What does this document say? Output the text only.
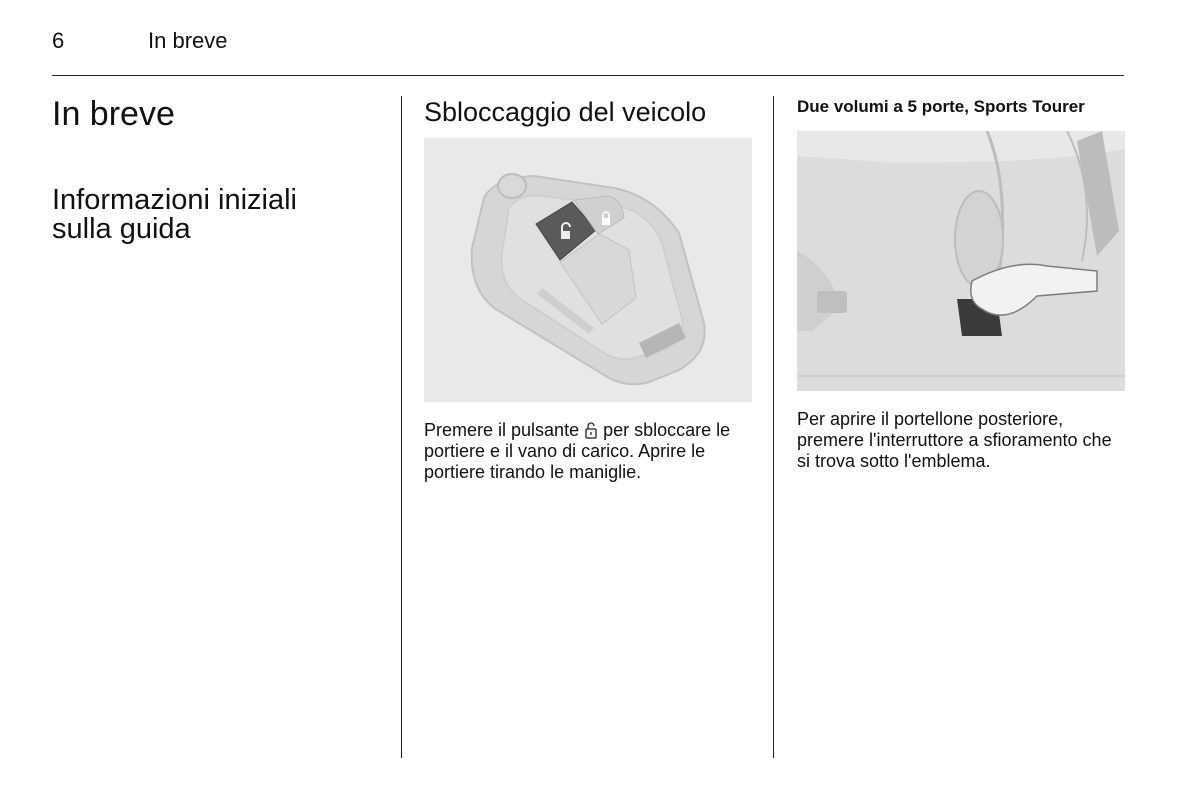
6	In breve
In breve
Informazioni iniziali sulla guida
Sbloccaggio del veicolo
Premere il pulsante  per sbloccare le portiere e il vano di carico. Aprire le portiere tirando le maniglie.
Due volumi a 5 porte, Sports Tourer
Per aprire il portellone posteriore, premere l'interruttore a sfioramento che si trova sotto l'emblema.
